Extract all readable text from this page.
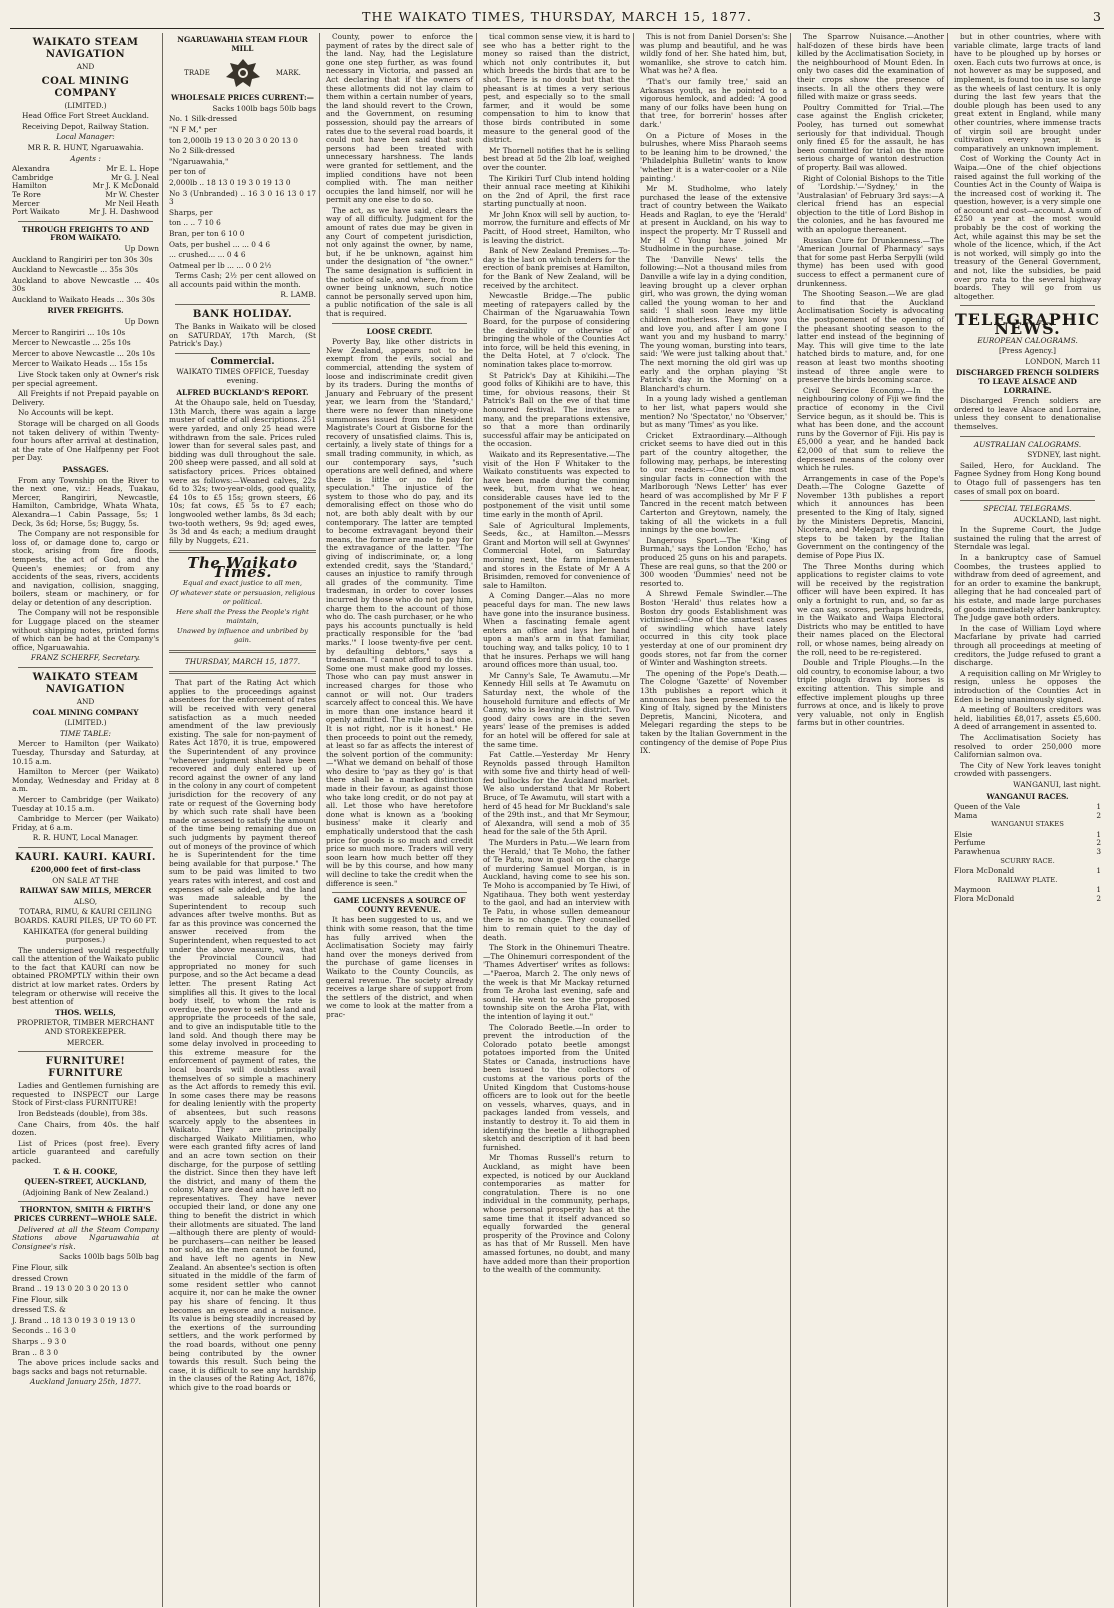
THE WAIKATO TIMES, THURSDAY, MARCH 15, 1877.	3

WAIKATO STEAM NAVIGATION

AND

COAL MINING COMPANY

(LIMITED.)

Head Office Fort Street Auckland.

Receiving Depot, Railway Station.

Local Manager:

MR R. R. HUNT, Ngaruawahia.

Agents :

Alexandra	Mr E. L. Hope
Cambridge	Mr G. J. Neal
Hamilton	Mr J. K McDonald
Te Rore	Mr W. Chester
Mercer	Mr Neil Heath
Port Waikato	Mr J. H. Dashwood

THROUGH FREIGHTS TO AND FROM WAIKATO.

Up Down

Auckland to Rangiriri per ton 30s 30s

Auckland to Newcastle ... 35s 30s

Auckland to above Newcastle ... 40s 30s

Auckland to Waikato Heads ... 30s 30s

RIVER FREIGHTS.

Up Down

Mercer to Rangiriri ... 10s 10s

Mercer to Newcastle ... 25s 10s

Mercer to above Newcastle ... 20s 10s

Mercer to Waikato Heads ... 15s 15s

Live Stock taken only at Owner's risk per special agreement.

All Freights if not Prepaid payable on Delivery.

No Accounts will be kept.

Storage will be charged on all Goods not taken delivery of within Twenty-four hours after arrival at destination, at the rate of One Halfpenny per Foot per Day.

PASSAGES.

From any Township on the River to the next one, viz.: Heads, Tuakau, Mercer, Rangiriri, Newcastle, Hamilton, Cambridge, Whata Whata, Alexandra—1 Cabin Passage, 5s; 1 Deck, 3s 6d; Horse, 5s; Buggy, 5s.

The Company are not responsible for loss of, or damage done to, cargo or stock, arising from fire floods, tempests, the act of God, and the Queen's enemies; or from any accidents of the seas, rivers, accidents and navigation, collision, snagging, boilers, steam or machinery, or for delay or detention of any description.

The Company will not be responsible for Luggage placed on the steamer without shipping notes, printed forms of which can be had at the Company's office, Ngaruawahia.

FRANZ SCHERFF, Secretary.

WAIKATO STEAM NAVIGATION

AND

COAL MINING COMPANY

(LIMITED.)

TIME TABLE:

Mercer to Hamilton (per Waikato) Tuesday, Thursday and Saturday, at 10.15 a.m.

Hamilton to Mercer (per Waikato) Monday, Wednesday and Friday at 8 a.m.

Mercer to Cambridge (per Waikato) Tuesday at 10.15 a.m.

Cambridge to Mercer (per Waikato) Friday, at 6 a.m.

R. R. HUNT, Local Manager.

KAURI. KAURI. KAURI.

£200,000 feet of first-class

ON SALE AT THE

RAILWAY SAW MILLS, MERCER

ALSO,

TOTARA, RIMU, & KAURI CEILING BOARDS. KAURI PILES, UP TO 60 FT.

KAHIKATEA (for general building purposes.)

The undersigned would respectfully call the attention of the Waikato public to the fact that KAURI can now be obtained PROMPTLY within their own district at low market rates. Orders by telegram or otherwise will receive the best attention of

THOS. WELLS,

PROPRIETOR, TIMBER MERCHANT AND STOREKEEPER.

MERCER.

FURNITURE! FURNITURE

Ladies and Gentlemen furnishing are requested to INSPECT our Large Stock of First-class FURNITURE!

Iron Bedsteads (double), from 38s.

Cane Chairs, from 40s. the half dozen.

List of Prices (post free). Every article guaranteed and carefully packed.

T. & H. COOKE,

QUEEN-STREET, AUCKLAND,

(Adjoining Bank of New Zealand.)

THORNTON, SMITH & FIRTH'S PRICES CURRENT—WHOLE SALE.

Delivered at all the Steam Company Stations above Ngaruawahia at Consignee's risk.

Sacks 100lb bags 50lb bag

Fine Flour, silk

dressed Crown

Brand .. 19 13 0 20 3 0 20 13 0

Fine Flour, silk

dressed T.S. &

J. Brand .. 18 13 0 19 3 0 19 13 0

Seconds .. 16 3 0

Sharps .. 9 3 0

Bran .. 8 3 0

The above prices include sacks and bags sacks and bags not returnable.

Auckland January 25th, 1877.

NGARUAWAHIA STEAM FLOUR MILL

TRADE	MARK.

WHOLESALE PRICES CURRENT:—

Sacks 100lb bags 50lb bags

No. 1 Silk-dressed

"N F M," per

ton 2,000lb 19 13 0 20 3 0 20 13 0

No 2 Silk-dressed

"Ngaruawahia,"

per ton of

2,000lb .. 18 13 0 19 3 0 19 13 0

No 3 (Unbranded) .. 16 3 0 16 13 0 17 3

Sharps, per

ton .. .. 7 10 6

Bran, per ton 6 10 0

Oats, per bushel ... ... 0 4 6

... crushed... ... 0 4 6

Oatmeal per lb ... ... 0 0 2½

Terms Cash; 2½ per cent allowed on all accounts paid within the month.

R. LAMB.

BANK HOLIDAY.

The Banks in Waikato will be closed on SATURDAY, 17th March, (St Patrick's Day.)

Commercial.

WAIKATO TIMES OFFICE, Tuesday evening.

ALFRED BUCKLAND'S REPORT.

At the Ohaupo sale, held on Tuesday, 13th March, there was again a large muster of cattle of all descriptions. 251 were yarded, and only 25 head were withdrawn from the sale. Prices ruled lower than for several sales past, and bidding was dull throughout the sale. 200 sheep were passed, and all sold at satisfactory prices. Prices obtained were as follows:—Weaned calves, 22s 6d to 32s; two-year-olds, good quality, £4 10s to £5 15s; grown steers, £6 10s; fat cows, £5 5s to £7 each; longwooled wether lambs, 8s 3d each; two-tooth wethers, 9s 9d; aged ewes, 3s 3d and 4s each; a medium draught filly by Nuggets, £21.

The Waikato Times.

Equal and exact justice to all men,

Of whatever state or persuasion, religious or political.

Here shall the Press the People's right maintain,

Unawed by influence and unbribed by gain.

THURSDAY, MARCH 15, 1877.

That part of the Rating Act which applies to the proceedings against absentees for the enforcement of rates will be received with very general satisfaction as a much needed amendment of the law previously existing. The sale for non-payment of Rates Act 1870, it is true, empowered the Superintendent of any province "whenever judgment shall have been recovered and duly entered up of record against the owner of any land in the colony in any court of competent jurisdiction for the recovery of any rate or request of the Governing body by which such rate shall have been made or assessed to satisfy the amount of the time being remaining due on such judgments by payment thereof out of moneys of the province of which he is Superintendent for the time being available for that purpose." The sum to be paid was limited to two years rates with interest, and cost and expenses of sale added, and the land was made saleable by the Superintendent to recoup such advances after twelve months. But as far as this province was concerned the answer received from the Superintendent, when requested to act under the above measure, was, that the Provincial Council had appropriated no money for such purpose, and so the Act became a dead letter. The present Rating Act simplifies all this. It gives to the local body itself, to whom the rate is overdue, the power to sell the land and appropriate the proceeds of the sale, and to give an indisputable title to the land sold. And though there may be some delay involved in proceeding to this extreme measure for the enforcement of payment of rates, the local boards will doubtless avail themselves of so simple a machinery as the Act affords to remedy this evil. In some cases there may be reasons for dealing leniently with the property of absentees, but such reasons scarcely apply to the absentees in Waikato. They are principally discharged Waikato Militiamen, who were each granted fifty acres of land and an acre town section on their discharge, for the purpose of settling the district. Since then they have left the district, and many of them the colony. Many are dead and have left no representatives. They have never occupied their land, or done any one thing to benefit the district in which their allotments are situated. The land—although there are plenty of would-be purchasers—can neither be leased nor sold, as the men cannot be found, and have left no agents in New Zealand. An absentee's section is often situated in the middle of the farm of some resident settler who cannot acquire it, nor can he make the owner pay his share of fencing. It thus becomes an eyesore and a nuisance. Its value is being steadily increased by the exertions of the surrounding settlers, and the work performed by the road boards, without one penny being contributed by the owner towards this result. Such being the case, it is difficult to see any hardship in the clauses of the Rating Act, 1876, which give to the road boards or

County, power to enforce the payment of rates by the direct sale of the land. Nay, had the Legislature gone one step further, as was found necessary in Victoria, and passed an Act declaring that if the owners of these allotments did not lay claim to them within a certain number of years, the land should revert to the Crown, and the Government, on resuming possession, should pay the arrears of rates due to the several road boards, it could not have been said that such persons had been treated with unnecessary harshness. The lands were granted for settlement, and the implied conditions have not been complied with. The man neither occupies the land himself, nor will he permit any one else to do so.

The act, as we have said, clears the way of all difficulty. Judgment for the amount of rates due may be given in any Court of competent jurisdiction, not only against the owner, by name, but, if he be unknown, against him under the designation of "the owner." The same designation is sufficient in the notice of sale, and where, from the owner being unknown, such notice cannot be personally served upon him, a public notification of the sale is all that is required.

LOOSE CREDIT.

Poverty Bay, like other districts in New Zealand, appears not to be exempt from the evils, social and commercial, attending the system of loose and indiscriminate credit given by its traders. During the months of January and February of the present year, we learn from the 'Standard,' there were no fewer than ninety-one summonses issued from the Resident Magistrate's Court at Gisborne for the recovery of unsatisfied claims. This is, certainly, a lively state of things for a small trading community, in which, as our contemporary says, "such operations are well defined, and where there is little or no field for speculation." The injustice of the system to those who do pay, and its demoralising effect on those who do not, are both ably dealt with by our contemporary. The latter are tempted to become extravagant beyond their means, the former are made to pay for the extravagance of the latter. "The giving of indiscriminate, or, a long extended credit, says the 'Standard,' causes an injustice to ramify through all grades of the community. Time tradesman, in order to cover losses incurred by those who do not pay him, charge them to the account of those who do. The cash purchaser, or he who pays his accounts punctually is held practically responsible for the 'bad marks.'" I loose twenty-five per cent. by defaulting debtors," says a tradesman. "I cannot afford to do this. Some one must make good my losses. Those who can pay must answer in increased charges for those who cannot or will not. Our traders scarcely affect to conceal this. We have in more than one instance heard it openly admitted. The rule is a bad one. It is not right, nor is it honest." He then proceeds to point out the remedy, at least so far as affects the interest of the solvent portion of the community:—"What we demand on behalf of those who desire to 'pay as they go' is that there shall be a marked distinction made in their favour, as against those who take long credit, or do not pay at all. Let those who have heretofore done what is known as a 'booking business' make it clearly and emphatically understood that the cash price for goods is so much and credit price so much more. Traders will very soon learn how much better off they will be by this course, and how many will decline to take the credit when the difference is seen."

GAME LICENSES A SOURCE OF COUNTY REVENUE.

It has been suggested to us, and we think with some reason, that the time has fully arrived when the Acclimatisation Society may fairly hand over the moneys derived from the purchase of game licenses in Waikato to the County Councils, as general revenue. The society already receives a large share of support from the settlers of the district, and when we come to look at the matter from a prac-

tical common sense view, it is hard to see who has a better right to the money so raised than the district, which not only contributes it, but which breeds the birds that are to be shot. There is no doubt but that the pheasant is at times a very serious pest, and especially so to the small farmer, and it would be some compensation to him to know that those birds contributed in some measure to the general good of the district.

Mr Thornell notifies that he is selling best bread at 5d the 2lb loaf, weighed over the counter.

The Kirikiri Turf Club intend holding their annual race meeting at Kihikihi on the 2nd of April, the first race starting punctually at noon.

Mr John Knox will sell by auction, to-morrow, the furniture and effects of Mr Pacitt, of Hood street, Hamilton, who is leaving the district.

Bank of New Zealand Premises.—To-day is the last on which tenders for the erection of bank premises at Hamilton, for the Bank of New Zealand, will be received by the architect.

Newcastle Bridge.—The public meeting of ratepayers called by the Chairman of the Ngaruawahia Town Board, for the purpose of considering the desirability or otherwise of bringing the whole of the Counties Act into force, will be held this evening, in the Delta Hotel, at 7 o'clock. The nomination takes place to-morrow.

St Patrick's Day at Kihikihi.—The good folks of Kihikihi are to have, this time, for obvious reasons, their St Patrick's Ball on the eve of that time honoured festival. The invites are many, and the preparations extensive, so that a more than ordinarily successful affair may be anticipated on the occasion.

Waikato and its Representative.—The visit of the Hon F Whitaker to the Waikato constituents was expected to have been made during the coming week, but, from what we hear, considerable causes have led to the postponement of the visit until some time early in the month of April.

Sale of Agricultural Implements, Seeds, &c., at Hamilton.—Messrs Grant and Morton will sell at Gwynnes' Commercial Hotel, on Saturday morning next, the farm implements and stores in the Estate of Mr A A Brisimden, removed for convenience of sale to Hamilton.

A Coming Danger.—Alas no more peaceful days for man. The new laws have gone into the insurance business. When a fascinating female agent enters an office and lays her hand upon a man's arm in that familiar, touching way, and talks policy, 10 to 1 that he insures. Perhaps we will hang around offices more than usual, too.

Mr Canny's Sale, Te Awamutu.—Mr Kennedy Hill sells at Te Awamutu on Saturday next, the whole of the household furniture and effects of Mr Canny, who is leaving the district. Two good dairy cows are in the seven years' lease of the premises is added for an hotel will be offered for sale at the same time.

Fat Cattle.—Yesterday Mr Henry Reynolds passed through Hamilton with some five and thirty head of well-fed bullocks for the Auckland market. We also understand that Mr Robert Bruce, of Te Awamutu, will start with a herd of 45 head for Mr Buckland's sale of the 29th inst., and that Mr Seymour, of Alexandra, will send a mob of 35 head for the sale of the 5th April.

The Murders in Patu.—We learn from the 'Herald,' that Te Moho, the father of Te Patu, now in gaol on the charge of murdering Samuel Morgan, is in Auckland, having come to see his son. Te Moho is accompanied by Te Hiwi, of Ngatihaua. They both went yesterday to the gaol, and had an interview with Te Patu, in whose sullen demeanour there is no change. They counselled him to remain quiet to the day of death.

The Stork in the Ohinemuri Theatre.—The Ohinemuri correspondent of the 'Thames Advertiser' writes as follows:—"Paeroa, March 2. The only news of the week is that Mr Mackay returned from Te Aroha last evening, safe and sound. He went to see the proposed township site on the Aroha Flat, with the intention of laying it out."

The Colorado Beetle.—In order to prevent the introduction of the Colorado potato beetle amongst potatoes imported from the United States or Canada, instructions have been issued to the collectors of customs at the various ports of the United Kingdom that Customs-house officers are to look out for the beetle on vessels, wharves, quays, and in packages landed from vessels, and instantly to destroy it. To aid them in identifying the beetle a lithographed sketch and description of it had been furnished.

Mr Thomas Russell's return to Auckland, as might have been expected, is noticed by our Auckland contemporaries as matter for congratulation. There is no one individual in the community, perhaps, whose personal prosperity has at the same time that it itself advanced so equally forwarded the general prosperity of the Province and Colony as has that of Mr Russell. Men have amassed fortunes, no doubt, and many have added more than their proportion to the wealth of the community.

This is not from Daniel Dorsen's: She was plump and beautiful, and he was wildly fond of her. She hated him, but, womanlike, she strove to catch him. What was he? A flea.

'That's our family tree,' said an Arkansas youth, as he pointed to a vigorous hemlock, and added: 'A good many of our folks have been hung on that tree, for borrerin' hosses after dark.'

On a Picture of Moses in the bulrushes, where Miss Pharaoh seems to be leaning him to be drowned,' the 'Philadelphia Bulletin' wants to know 'whether it is a water-cooler or a Nile painting.'

Mr M. Studholme, who lately purchased the lease of the extensive tract of country between the Waikato Heads and Raglan, to eye the 'Herald' at present in Auckland, on his way to inspect the property. Mr T Russell and Mr H C Young have joined Mr Studholme in the purchase.

The 'Danville News' tells the following:—Not a thousand miles from Danville a wife lay in a dying condition, leaving brought up a clever orphan girl, who was grown, the dying woman called the young woman to her and said: 'I shall soon leave my little children motherless. They know you and love you, and after I am gone I want you and my husband to marry.' The young woman, bursting into tears, said: 'We were just talking about that.' The next morning the old girl was up early and the orphan playing 'St Patrick's day in the Morning' on a Blanchard's churn.

In a young lady wished a gentleman to her list, what papers would she mention? No 'Spectator,' no 'Observer,' but as many 'Times' as you like.

Cricket Extraordinary.—Although cricket seems to have died out in this part of the country altogether, the following may, perhaps, be interesting to our readers:—One of the most singular facts in connection with the Marlborough 'News Letter' has ever heard of was accomplished by Mr F F Tancred in the recent match between Carterton and Greytown, namely, the taking of all the wickets in a full innings by the one bowler.

Dangerous Sport.—The 'King of Burmah,' says the London 'Echo,' has produced 25 guns on his and parapets. These are real guns, so that the 200 or 300 wooden 'Dummies' need not be resorted to.

A Shrewd Female Swindler.—The Boston 'Herald' thus relates how a Boston dry goods Establishment was victimised:—One of the smartest cases of swindling which have lately occurred in this city took place yesterday at one of our prominent dry goods stores, not far from the corner of Winter and Washington streets.

The opening of the Pope's Death.—The Cologne 'Gazette' of November 13th publishes a report which it announces has been presented to the King of Italy, signed by the Ministers Depretis, Mancini, Nicotera, and Melegari regarding the steps to be taken by the Italian Government in the contingency of the demise of Pope Pius IX.

The Sparrow Nuisance.—Another half-dozen of these birds have been killed by the Acclimatisation Society, in the neighbourhood of Mount Eden. In only two cases did the examination of their crops show the presence of insects. In all the others they were filled with maize or grass seeds.

Poultry Committed for Trial.—The case against the English cricketer, Pooley, has turned out somewhat seriously for that individual. Though only fined £5 for the assault, he has been committed for trial on the more serious charge of wanton destruction of property. Bail was allowed.

Right of Colonial Bishops to the Title of 'Lordship.'—'Sydney,' in the 'Australasian' of February 3rd says:—A clerical friend has an especial objection to the title of Lord Bishop in the colonies, and he has favoured me with an apologue thereanent.

Russian Cure for Drunkenness.—The 'American Journal of Pharmacy' says that for some past Herba Serpylli (wild thyme) has been used with good success to effect a permanent cure of drunkenness.

The Shooting Season.—We are glad to find that the Auckland Acclimatisation Society is advocating the postponement of the opening of the pheasant shooting season to the latter end instead of the beginning of May. This will give time to the late hatched birds to mature, and, for one reason at least two months shooting instead of three angle were to preserve the birds becoming scarce.

Civil Service Economy.—In the neighbouring colony of Fiji we find the practice of economy in the Civil Service begun, as it should be. This is what has been done, and the account runs by the Governor of Fiji. His pay is £5,000 a year, and he handed back £2,000 of that sum to relieve the depressed means of the colony over which he rules.

Arrangements in case of the Pope's Death.—The Cologne Gazette of November 13th publishes a report which it announces has been presented to the King of Italy, signed by the Ministers Depretis, Mancini, Nicotera, and Melegari, regarding the steps to be taken by the Italian Government on the contingency of the demise of Pope Pius IX.

The Three Months during which applications to register claims to vote will be received by the registration officer will have been expired. It has only a fortnight to run, and, so far as we can say, scores, perhaps hundreds, in the Waikato and Waipa Electoral Districts who may be entitled to have their names placed on the Electoral roll, or whose names, being already on the roll, need to be re-registered.

Double and Triple Ploughs.—In the old country, to economise labour, a two triple plough drawn by horses is exciting attention. This simple and effective implement ploughs up three furrows at once, and is likely to prove very valuable, not only in English farms but in other countries.

but in other countries, where with variable climate, large tracts of land have to be ploughed up by horses or oxen. Each cuts two furrows at once, is not however as may be supposed, and implement, is found too in use so large as the wheels of last century. It is only during the last few years that the double plough has been used to any great extent in England, while many other countries, where immense tracts of virgin soil are brought under cultivation every year, it is comparatively an unknown implement.

Cost of Working the County Act in Waipa.—One of the chief objections raised against the full working of the Counties Act in the County of Waipa is the increased cost of working it. The question, however, is a very simple one of account and cost—account. A sum of £250 a year at the most would probably be the cost of working the Act, while against this may be set the whole of the licence, which, if the Act is not worked, will simply go into the treasury of the General Government, and not, like the subsidies, be paid over pro rata to the several highway boards. They will go from us altogether.

TELEGRAPHIC NEWS.

EUROPEAN CALOGRAMS.

[Press Agency.]

LONDON, March 11

DISCHARGED FRENCH SOLDIERS TO LEAVE ALSACE AND LORRAINE.

Discharged French soldiers are ordered to leave Alsace and Lorraine, unless they consent to denationalise themselves.

AUSTRALIAN CALOGRAMS.

SYDNEY, last night.

Sailed, Hero, for Auckland. The Fagnee Sydney from Hong Kong bound to Otago full of passengers has ten cases of small pox on board.

SPECIAL TELEGRAMS.

AUCKLAND, last night.

In the Supreme Court, the Judge sustained the ruling that the arrest of Sterndale was legal.

In a bankruptcy case of Samuel Coombes, the trustees applied to withdraw from deed of agreement, and for an order to examine the bankrupt, alleging that he had concealed part of his estate, and made large purchases of goods immediately after bankruptcy. The Judge gave both orders.

In the case of William Loyd where Macfarlane by private had carried through all proceedings at meeting of creditors, the Judge refused to grant a discharge.

A requisition calling on Mr Wrigley to resign, unless he opposes the introduction of the Counties Act in Eden is being unanimously signed.

A meeting of Boulters creditors was held, liabilities £8,017, assets £5,600. A deed of arrangement in assented to.

The Acclimatisation Society has resolved to order 250,000 more Californian salmon ova.

The City of New York leaves tonight crowded with passengers.

WANGANUI, last night.

WANGANUI RACES.

Queen of the Vale	1
Mama	2

WANGANUI STAKES

Elsie	1
Perfume	2
Parawhenua	3

SCURRY RACE.

Flora McDonald	1

RAILWAY PLATE.

Maymoon	1
Flora McDonald	2
